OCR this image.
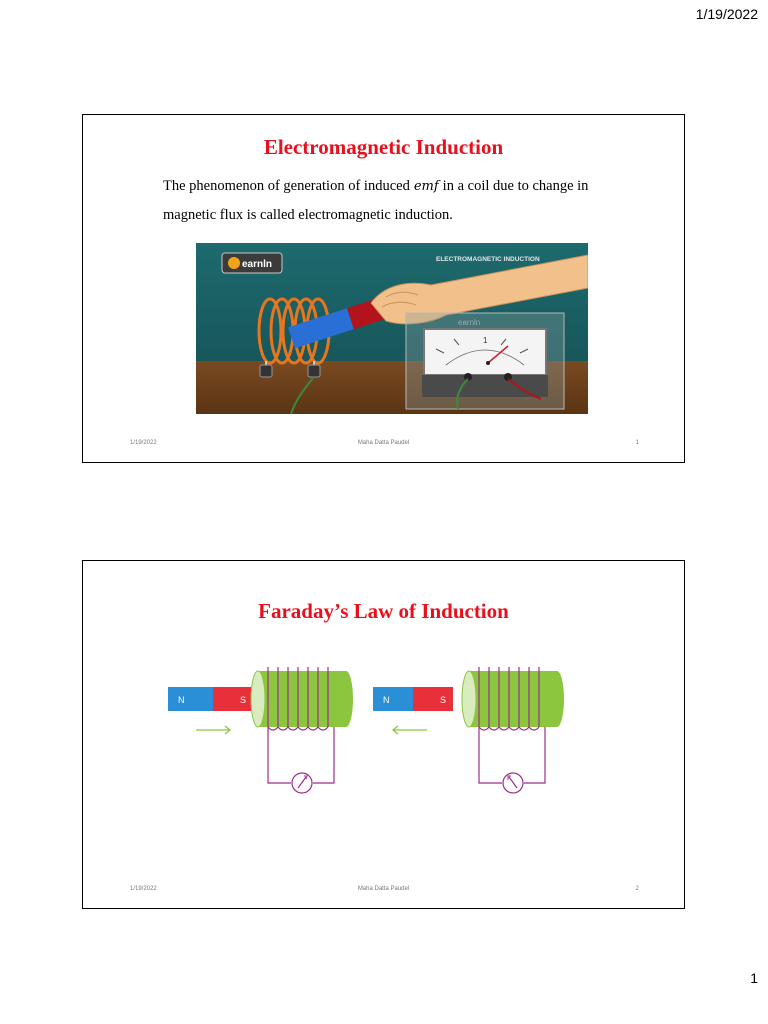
1/19/2022
Electromagnetic Induction
The phenomenon of generation of induced emf in a coil due to change in magnetic flux is called electromagnetic induction.
earnln	ELECTROMAGNETIC INDUCTION
earnln
1
1/19/2022	Maha Datta Paudel	1
Faraday’s Law of Induction
N	S	N	S
1/19/2022	Maha Datta Paudel	2
1
